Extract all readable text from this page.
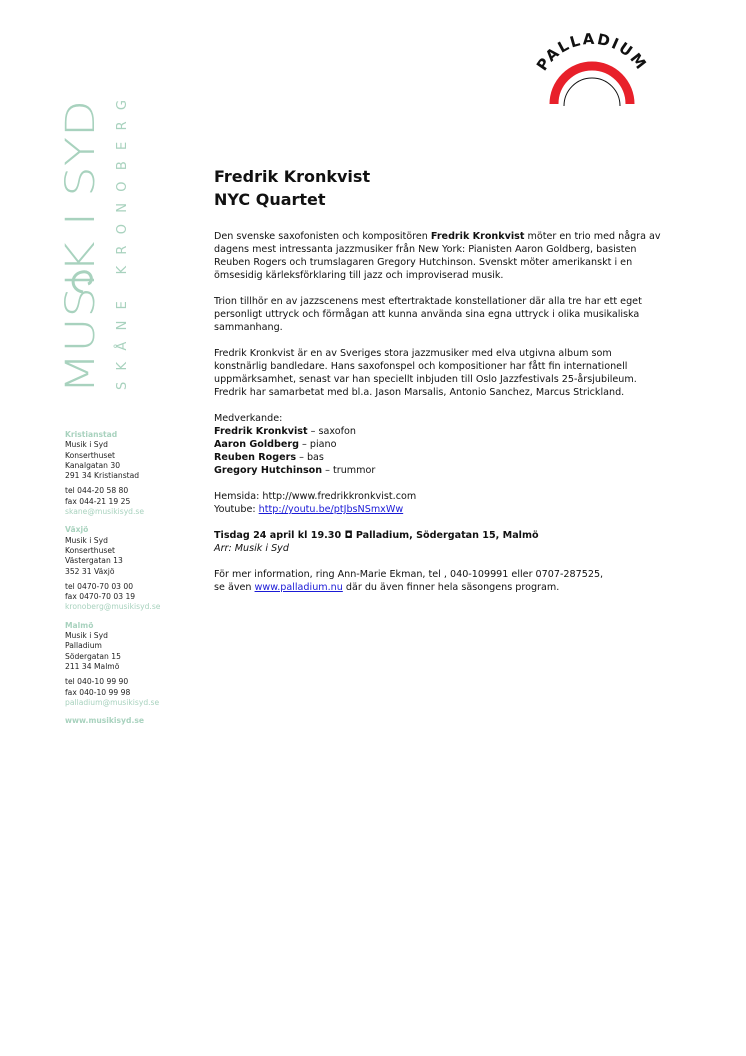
MUSIK I SYD SKÅNE KRONOBERG
PALLADIUM
Kristianstad
Musik i Syd
Konserthuset
Kanalgatan 30
291 34 Kristianstad
tel 044-20 58 80
fax 044-21 19 25
skane@musikisyd.se
Växjö
Musik i Syd
Konserthuset
Västergatan 13
352 31 Växjö
tel 0470-70 03 00
fax 0470-70 03 19
kronoberg@musikisyd.se
Malmö
Musik i Syd
Palladium
Södergatan 15
211 34 Malmö
tel 040-10 99 90
fax 040-10 99 98
palladium@musikisyd.se
www.musikisyd.se
Fredrik Kronkvist
NYC Quartet

Den svenske saxofonisten och kompositören Fredrik Kronkvist möter en trio med några av dagens mest intressanta jazzmusiker från New York: Pianisten Aaron Goldberg, basisten Reuben Rogers och trumslagaren Gregory Hutchinson. Svenskt möter amerikanskt i en ömsesidig kärleksförklaring till jazz och improviserad musik.

Trion tillhör en av jazzscenens mest eftertraktade konstellationer där alla tre har ett eget personligt uttryck och förmågan att kunna använda sina egna uttryck i olika musikaliska sammanhang.

Fredrik Kronkvist är en av Sveriges stora jazzmusiker med elva utgivna album som konstnärlig bandledare. Hans saxofonspel och kompositioner har fått fin internationell uppmärksamhet, senast var han speciellt inbjuden till Oslo Jazzfestivals 25-årsjubileum. Fredrik har samarbetat med bl.a. Jason Marsalis, Antonio Sanchez, Marcus Strickland.

Medverkande:
Fredrik Kronkvist – saxofon
Aaron Goldberg – piano
Reuben Rogers – bas
Gregory Hutchinson – trummor
Hemsida: http://www.fredrikkronkvist.com
Youtube: http://youtu.be/ptJbsNSmxWw
Tisdag 24 april kl 19.30 ◘ Palladium, Södergatan 15, Malmö
Arr: Musik i Syd
För mer information, ring Ann-Marie Ekman, tel , 040-109991 eller 0707-287525,
se även www.palladium.nu där du även finner hela säsongens program.
